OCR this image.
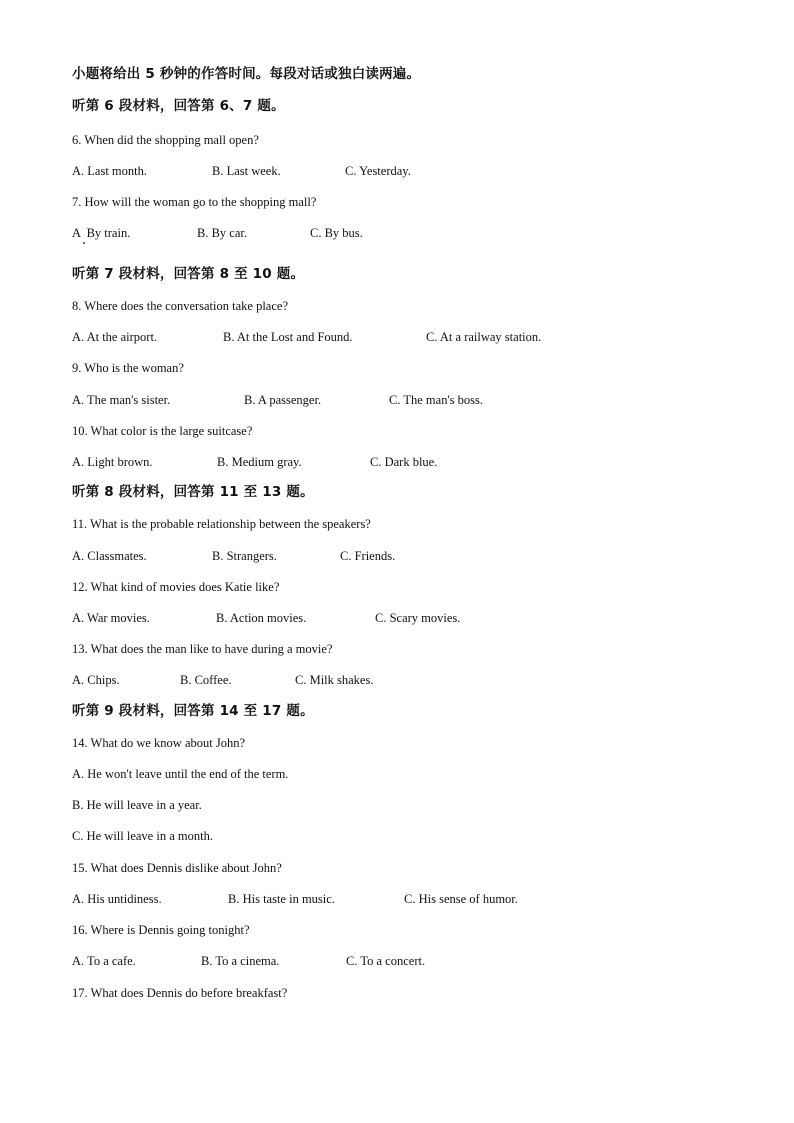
小题将给出 5 秒钟的作答时间。每段对话或独白读两遍。
听第 6 段材料，回答第 6、7 题。
6. When did the shopping mall open?
A. Last month.	B. Last week.	C. Yesterday.
7. How will the woman go to the shopping mall?
A  By train.	B. By car.	C. By bus.
听第 7 段材料，回答第 8 至 10 题。
8. Where does the conversation take place?
A. At the airport.	B. At the Lost and Found.	C. At a railway station.
9. Who is the woman?
A. The man's sister.	B. A passenger.	C. The man's boss.
10. What color is the large suitcase?
A. Light brown.	B. Medium gray.	C. Dark blue.
听第 8 段材料，回答第 11 至 13 题。
11. What is the probable relationship between the speakers?
A. Classmates.	B. Strangers.	C. Friends.
12. What kind of movies does Katie like?
A. War movies.	B. Action movies.	C. Scary movies.
13. What does the man like to have during a movie?
A. Chips.	B. Coffee.	C. Milk shakes.
听第 9 段材料，回答第 14 至 17 题。
14. What do we know about John?
A. He won't leave until the end of the term.
B. He will leave in a year.
C. He will leave in a month.
15. What does Dennis dislike about John?
A. His untidiness.	B. His taste in music.	C. His sense of humor.
16. Where is Dennis going tonight?
A. To a cafe.	B. To a cinema.	C. To a concert.
17. What does Dennis do before breakfast?
